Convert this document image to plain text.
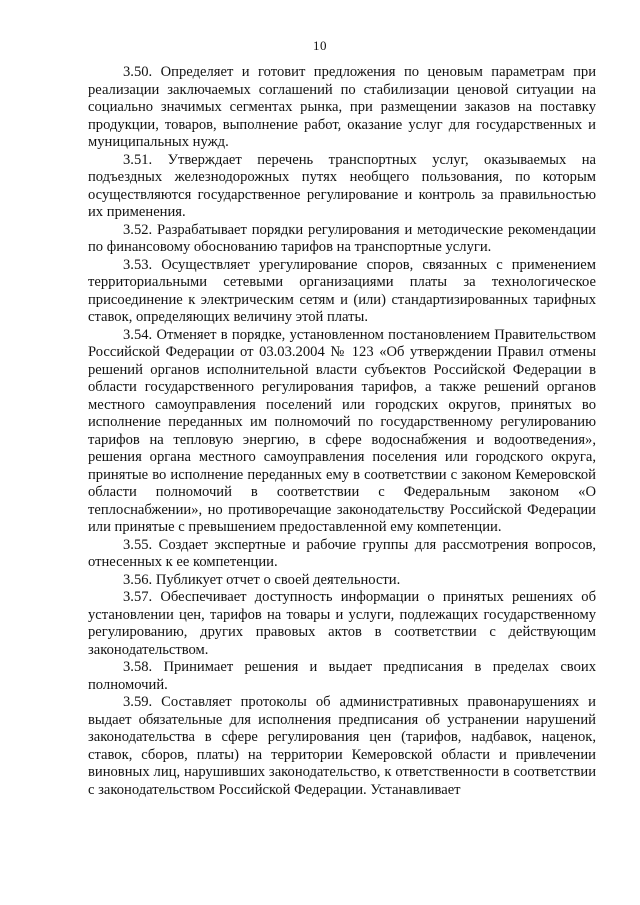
10

3.50. Определяет и готовит предложения по ценовым параметрам при реализации заключаемых соглашений по стабилизации ценовой ситуации на социально значимых сегментах рынка, при размещении заказов на поставку продукции, товаров, выполнение работ, оказание услуг для государственных и муниципальных нужд.

3.51. Утверждает перечень транспортных услуг, оказываемых на подъездных железнодорожных путях необщего пользования, по которым осуществляются государственное регулирование и контроль за правильностью их применения.

3.52. Разрабатывает порядки регулирования и методические рекомендации по финансовому обоснованию тарифов на транспортные услуги.

3.53. Осуществляет урегулирование споров, связанных с применением территориальными сетевыми организациями платы за технологическое присоединение к электрическим сетям и (или) стандартизированных тарифных ставок, определяющих величину этой платы.

3.54. Отменяет в порядке, установленном постановлением Правительством Российской Федерации от 03.03.2004 № 123 «Об утверждении Правил отмены решений органов исполнительной власти субъектов Российской Федерации в области государственного регулирования тарифов, а также решений органов местного самоуправления поселений или городских округов, принятых во исполнение переданных им полномочий по государственному регулированию тарифов на тепловую энергию, в сфере водоснабжения и водоотведения», решения органа местного самоуправления поселения или городского округа, принятые во исполнение переданных ему в соответствии с законом Кемеровской области полномочий в соответствии с Федеральным законом «О теплоснабжении», но противоречащие законодательству Российской Федерации или принятые с превышением предоставленной ему компетенции.

3.55. Создает экспертные и рабочие группы для рассмотрения вопросов, отнесенных к ее компетенции.

3.56. Публикует отчет о своей деятельности.

3.57. Обеспечивает доступность информации о принятых решениях об установлении цен, тарифов на товары и услуги, подлежащих государственному регулированию, других правовых актов в соответствии с действующим законодательством.

3.58. Принимает решения и выдает предписания в пределах своих полномочий.

3.59. Составляет протоколы об административных правонарушениях и выдает обязательные для исполнения предписания об устранении нарушений законодательства в сфере регулирования цен (тарифов, надбавок, наценок, ставок, сборов, платы) на территории Кемеровской области и привлечении виновных лиц, нарушивших законодательство, к ответственности в соответствии с законодательством Российской Федерации. Устанавливает
